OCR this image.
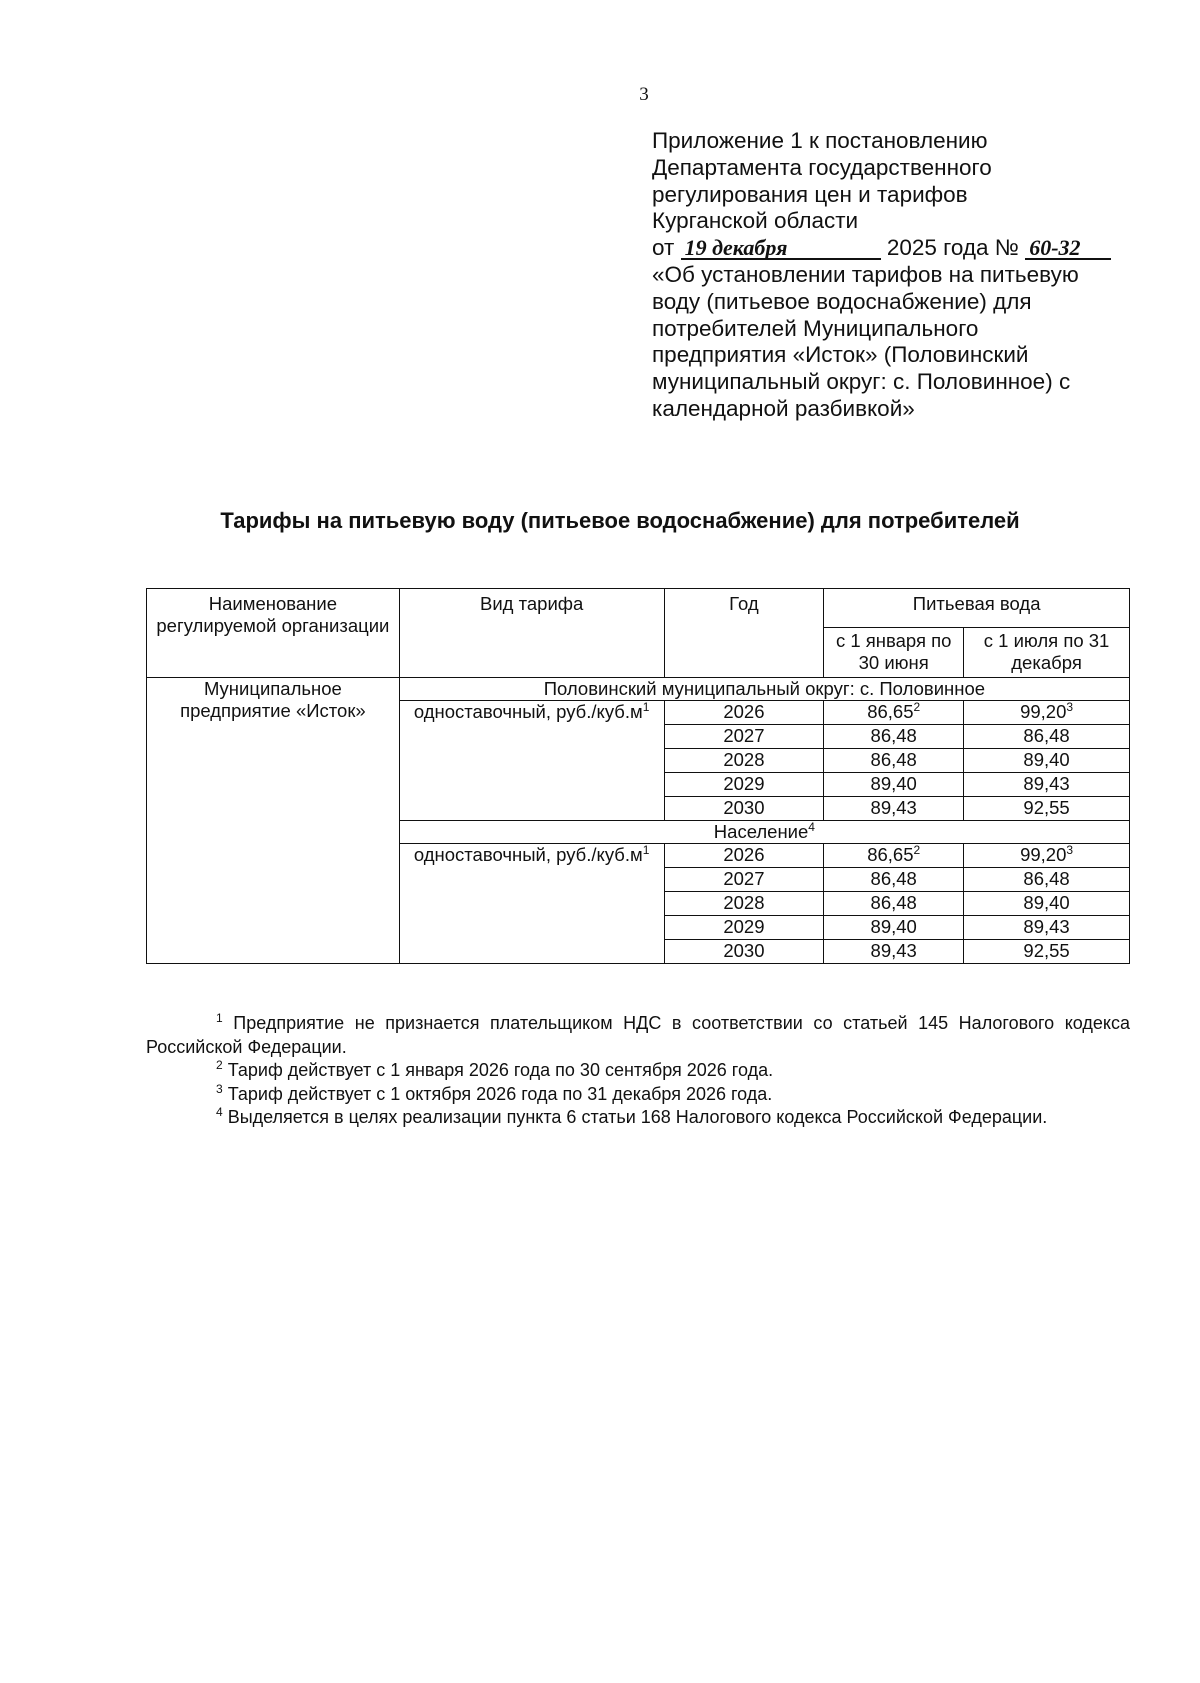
3
Приложение 1 к постановлению
Департамента государственного
регулирования цен и тарифов
Курганской области
от 19 декабря	2025 года № 60-32
«Об установлении тарифов на питьевую
воду (питьевое водоснабжение) для
потребителей Муниципального
предприятия «Исток» (Половинский
муниципальный округ: с. Половинное) с
календарной разбивкой»
Тарифы на питьевую воду (питьевое водоснабжение) для потребителей
Наименование регулируемой организации	Вид тарифа	Год	Питьевая вода	
			с 1 января по 30 июня	с 1 июля по 31 декабря
Муниципальное предприятие «Исток»	Половинский муниципальный округ: с. Половинное			
	одноставочный, $руб./куб.м^1$	2026	86,65$^2$	99,20$^3$
		2027	86,48	86,48
		2028	86,48	89,40
		2029	89,40	89,43
		2030	89,43	92,55
	Население$^4$
	одноставочный, $руб./куб.м^1$	2026	86,65$^2$	99,20$^3$
		2027	86,48	86,48
		2028	86,48	89,40
		2029	89,40	89,43
		2030	89,43	92,55

$^1$ Предприятие не признается плательщиком НДС в соответствии со статьей 145 Налогового кодекса Российской Федерации.

$^2$ Тариф действует с 1 января 2026 года по 30 сентября 2026 года.

$^3$ Тариф действует с 1 октября 2026 года по 31 декабря 2026 года.

$^4$ Выделяется в целях реализации пункта 6 статьи 168 Налогового кодекса Российской Федерации.
